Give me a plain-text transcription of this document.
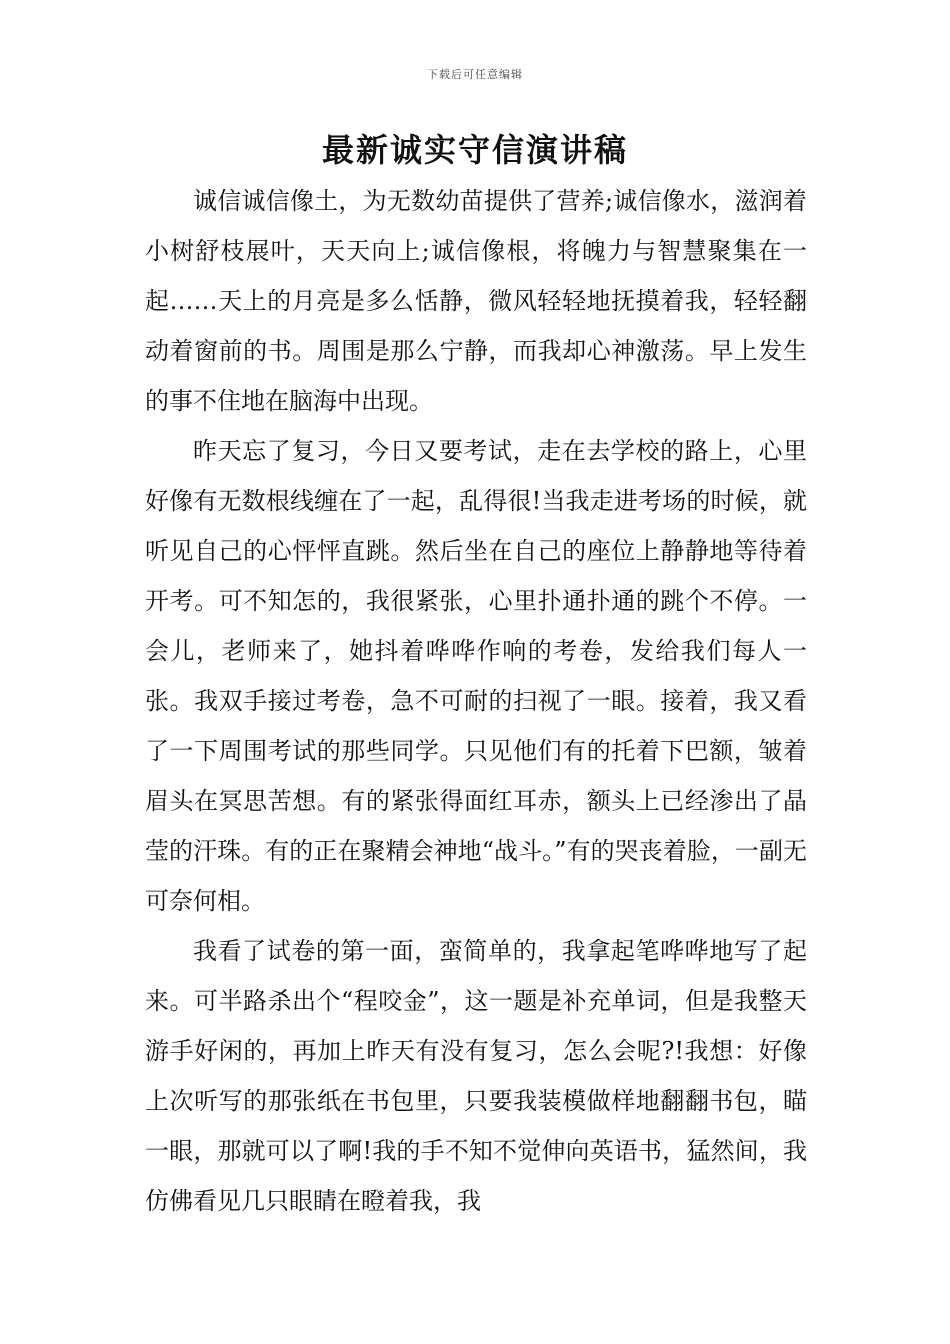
下载后可任意编辑
最新诚实守信演讲稿

诚信诚信像土，为无数幼苗提供了营养;诚信像水，滋润着小树舒枝展叶，天天向上;诚信像根，将魄力与智慧聚集在一起……天上的月亮是多么恬静，微风轻轻地抚摸着我，轻轻翻动着窗前的书。周围是那么宁静，而我却心神激荡。早上发生的事不住地在脑海中出现。

昨天忘了复习，今日又要考试，走在去学校的路上，心里好像有无数根线缠在了一起，乱得很!当我走进考场的时候，就听见自己的心怦怦直跳。然后坐在自己的座位上静静地等待着开考。可不知怎的，我很紧张，心里扑通扑通的跳个不停。一会儿，老师来了，她抖着哗哗作响的考卷，发给我们每人一张。我双手接过考卷，急不可耐的扫视了一眼。接着，我又看了一下周围考试的那些同学。只见他们有的托着下巴额，皱着眉头在冥思苦想。有的紧张得面红耳赤，额头上已经渗出了晶莹的汗珠。有的正在聚精会神地“战斗。”有的哭丧着脸，一副无可奈何相。

我看了试卷的第一面，蛮简单的，我拿起笔哗哗地写了起来。可半路杀出个“程咬金”，这一题是补充单词，但是我整天游手好闲的，再加上昨天有没有复习，怎么会呢?!我想：好像上次听写的那张纸在书包里，只要我装模做样地翻翻书包，瞄一眼，那就可以了啊!我的手不知不觉伸向英语书，猛然间，我仿佛看见几只眼睛在瞪着我，我
